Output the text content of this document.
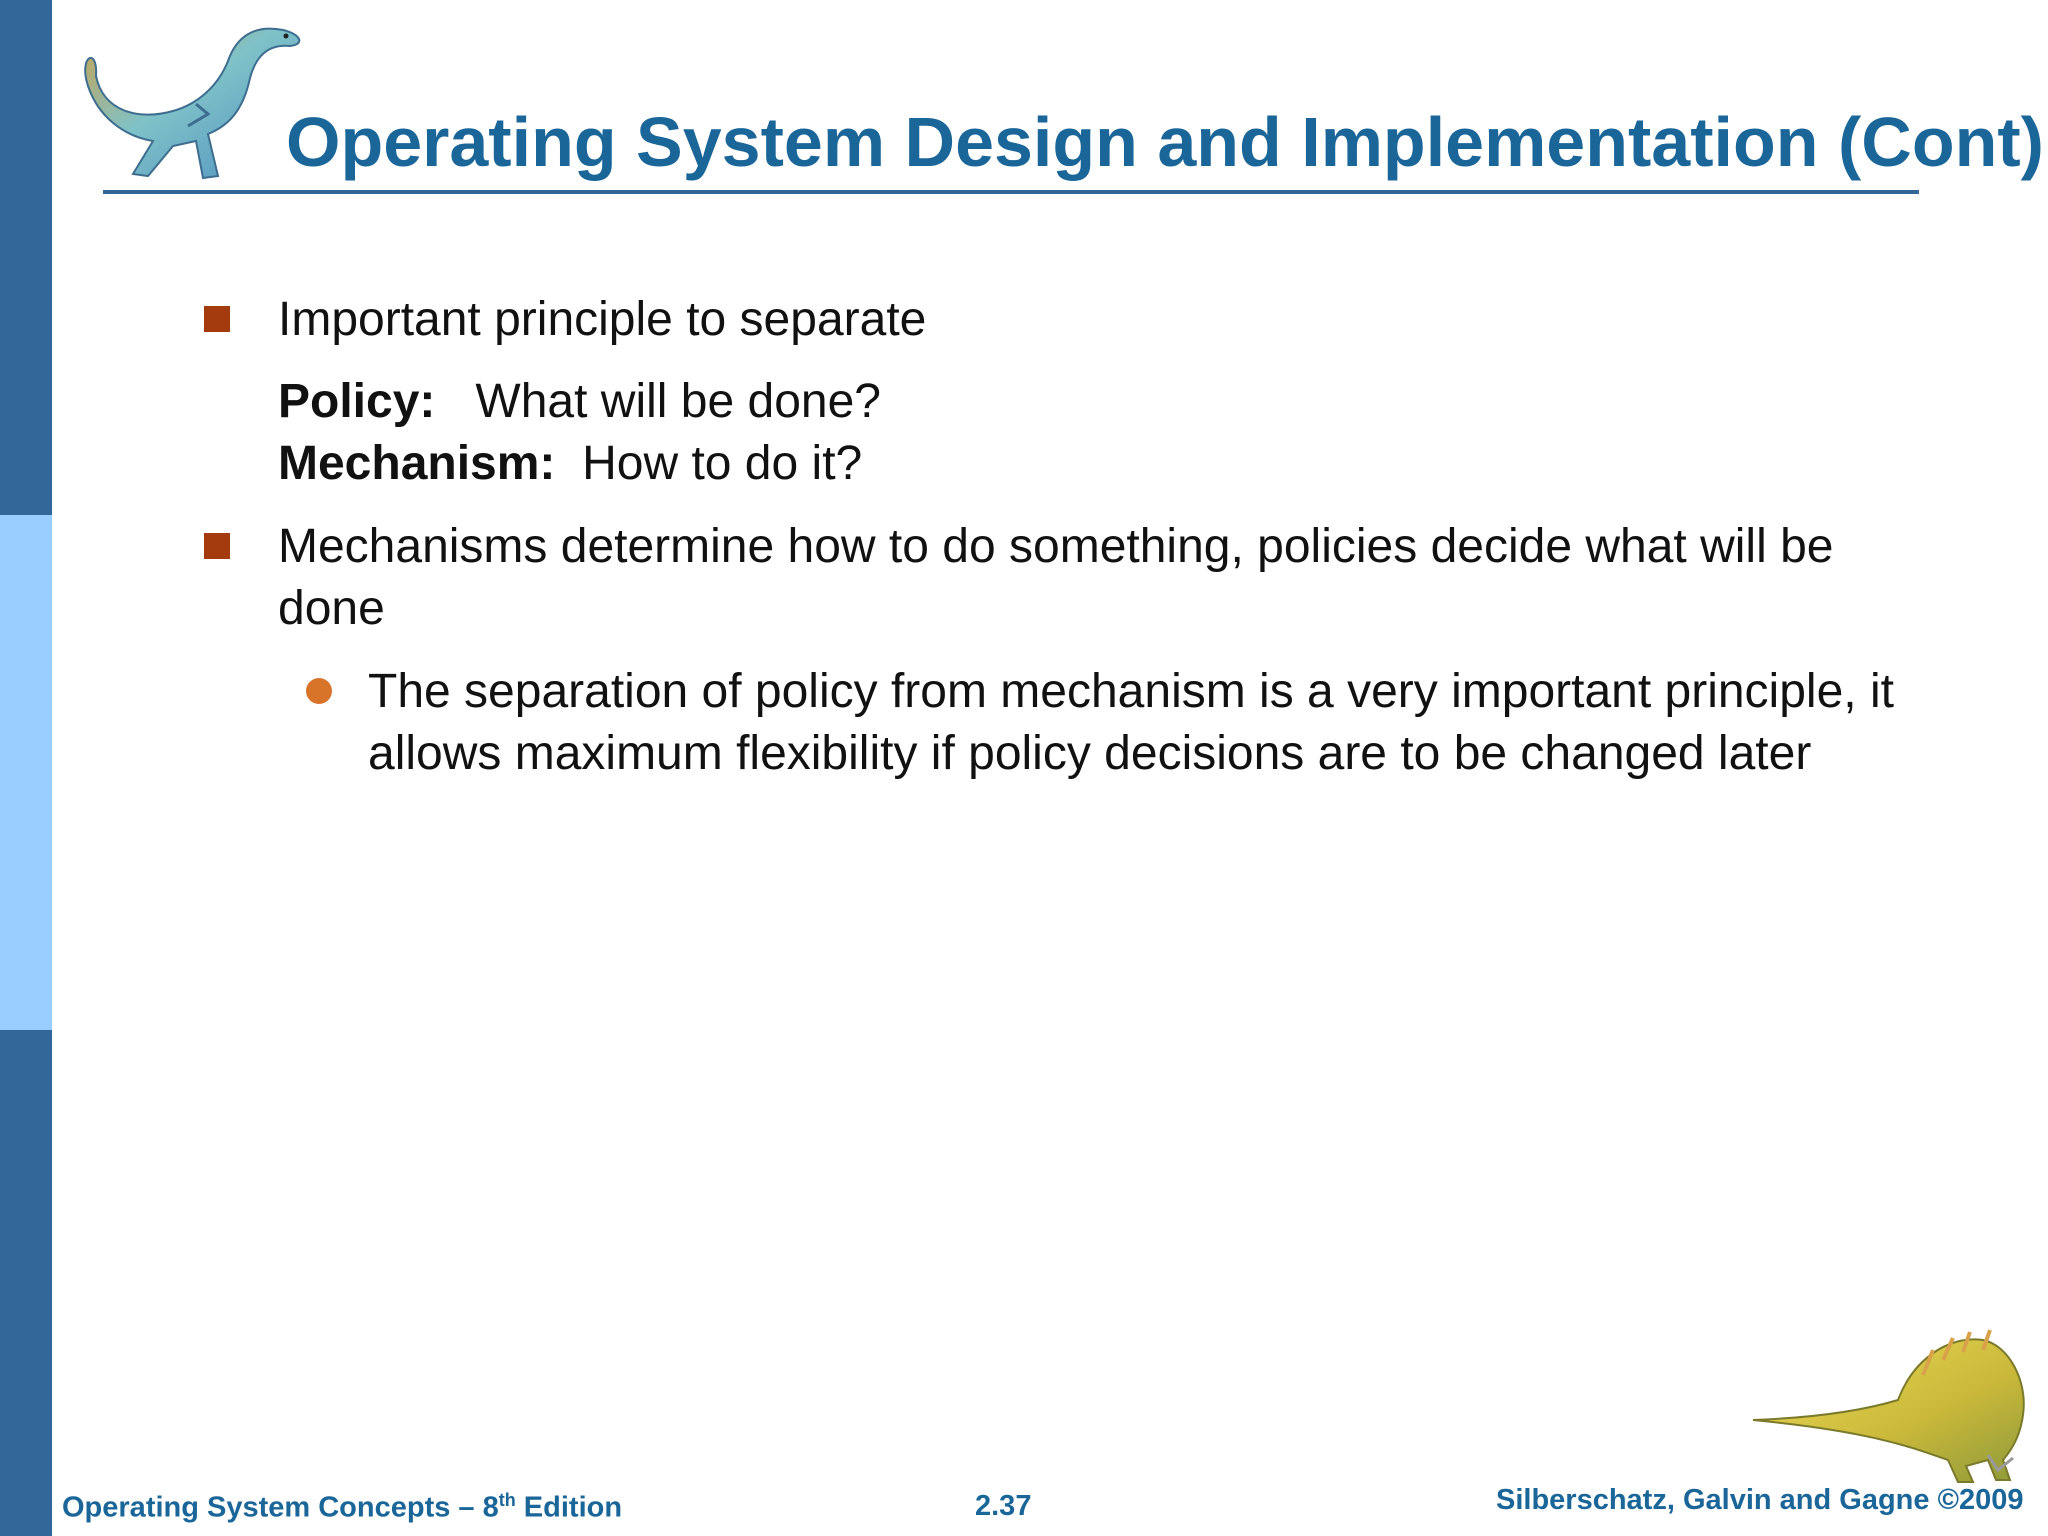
Operating System Design and Implementation (Cont)

Important principle to separate

Policy: What will be done?

Mechanism: How to do it?

Mechanisms determine how to do something, policies decide what will be

done

The separation of policy from mechanism is a very important principle, it

allows maximum flexibility if policy decisions are to be changed later

Operating System Concepts – 8th Edition	2.37	Silberschatz, Galvin and Gagne ©2009
